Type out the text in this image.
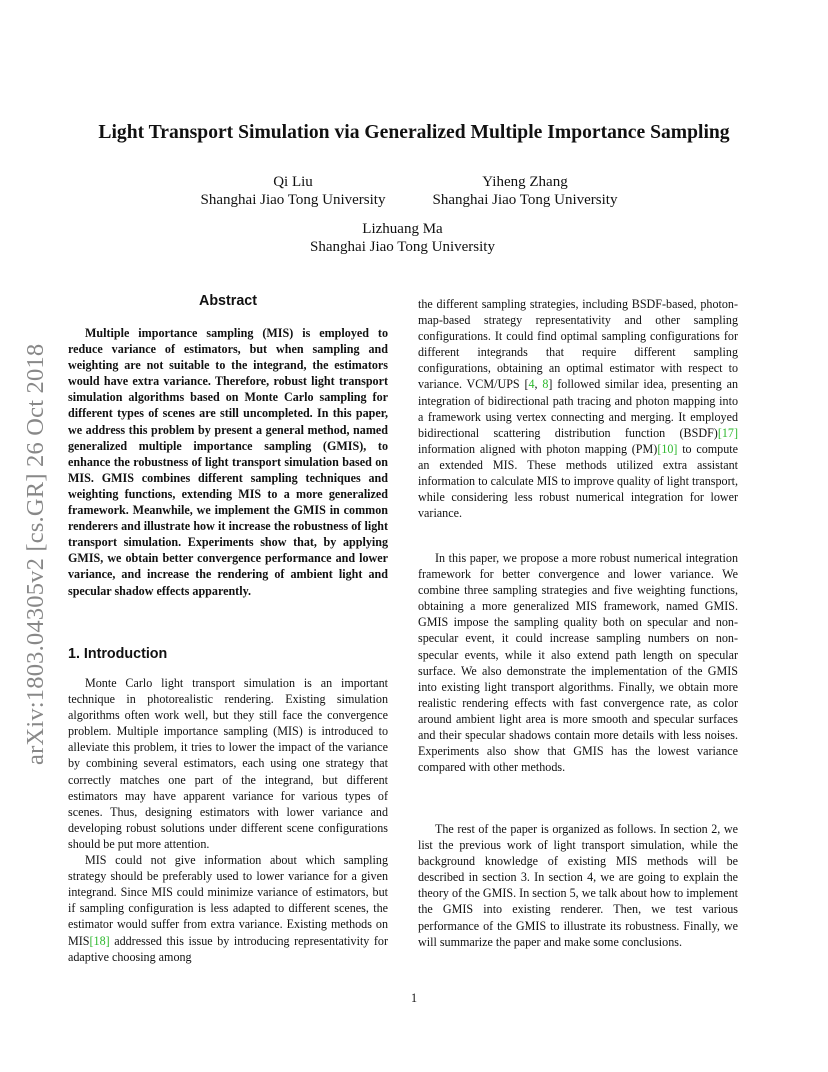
arXiv:1803.04305v2 [cs.GR] 26 Oct 2018
Light Transport Simulation via Generalized Multiple Importance Sampling
Qi Liu
Shanghai Jiao Tong University
Yiheng Zhang
Shanghai Jiao Tong University
Lizhuang Ma
Shanghai Jiao Tong University
Abstract

Multiple importance sampling (MIS) is employed to reduce variance of estimators, but when sampling and weighting are not suitable to the integrand, the estimators would have extra variance. Therefore, robust light transport simulation algorithms based on Monte Carlo sampling for different types of scenes are still uncompleted. In this paper, we address this problem by present a general method, named generalized multiple importance sampling (GMIS), to enhance the robustness of light transport simulation based on MIS. GMIS combines different sampling techniques and weighting functions, extending MIS to a more generalized framework. Meanwhile, we implement the GMIS in common renderers and illustrate how it increase the robustness of light transport simulation. Experiments show that, by applying GMIS, we obtain better convergence performance and lower variance, and increase the rendering of ambient light and specular shadow effects apparently.

1. Introduction

Monte Carlo light transport simulation is an important technique in photorealistic rendering. Existing simulation algorithms often work well, but they still face the convergence problem. Multiple importance sampling (MIS) is introduced to alleviate this problem, it tries to lower the impact of the variance by combining several estimators, each using one strategy that correctly matches one part of the integrand, but different estimators may have apparent variance for various types of scenes. Thus, designing estimators with lower variance and developing robust solutions under different scene configurations should be put more attention.

MIS could not give information about which sampling strategy should be preferably used to lower variance for a given integrand. Since MIS could minimize variance of estimators, but if sampling configuration is less adapted to different scenes, the estimator would suffer from extra variance. Existing methods on MIS[18] addressed this issue by introducing representativity for adaptive choosing among

the different sampling strategies, including BSDF-based, photon-map-based strategy representativity and other sampling configurations. It could find optimal sampling configurations for different integrands that require different sampling configurations, obtaining an optimal estimator with respect to variance. VCM/UPS [4, 8] followed similar idea, presenting an integration of bidirectional path tracing and photon mapping into a framework using vertex connecting and merging. It employed bidirectional scattering distribution function (BSDF)[17] information aligned with photon mapping (PM)[10] to compute an extended MIS. These methods utilized extra assistant information to calculate MIS to improve quality of light transport, while considering less robust numerical integration for lower variance.

In this paper, we propose a more robust numerical integration framework for better convergence and lower variance. We combine three sampling strategies and five weighting functions, obtaining a more generalized MIS framework, named GMIS. GMIS impose the sampling quality both on specular and non-specular event, it could increase sampling numbers on non-specular events, while it also extend path length on specular surface. We also demonstrate the implementation of the GMIS into existing light transport algorithms. Finally, we obtain more realistic rendering effects with fast convergence rate, as color around ambient light area is more smooth and specular surfaces and their specular shadows contain more details with less noises. Experiments also show that GMIS has the lowest variance compared with other methods.

The rest of the paper is organized as follows. In section 2, we list the previous work of light transport simulation, while the background knowledge of existing MIS methods will be described in section 3. In section 4, we are going to explain the theory of the GMIS. In section 5, we talk about how to implement the GMIS into existing renderer. Then, we test various performance of the GMIS to illustrate its robustness. Finally, we will summarize the paper and make some conclusions.

1
